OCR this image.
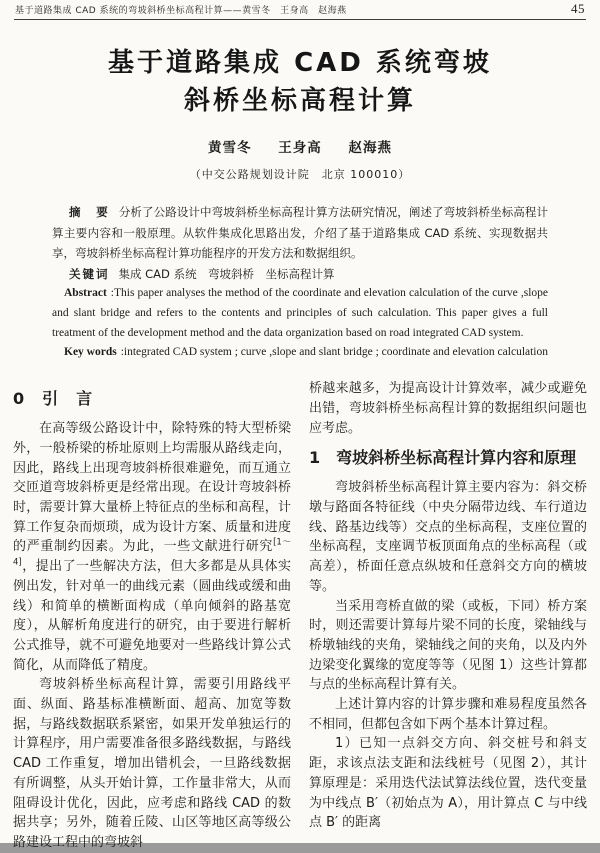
基于道路集成 CAD 系统的弯坡斜桥坐标高程计算——黄雪冬　王身高　赵海燕	45
基于道路集成 CAD 系统弯坡
斜桥坐标高程计算
黄雪冬 王身高 赵海燕
（中交公路规划设计院　北京 100010）

摘　要 分析了公路设计中弯坡斜桥坐标高程计算方法研究情况，阐述了弯坡斜桥坐标高程计算主要内容和一般原理。从软件集成化思路出发，介绍了基于道路集成 CAD 系统、实现数据共享，弯坡斜桥坐标高程计算功能程序的开发方法和数据组织。

关键词 集成 CAD 系统　弯坡斜桥　坐标高程计算

Abstract :This paper analyses the method of the coordinate and elevation calculation of the curve ,slope and slant bridge and refers to the contents and principles of such calculation. This paper gives a full treatment of the development method and the data organization based on road integrated CAD system.

Key words :integrated CAD system ; curve ,slope and slant bridge ; coordinate and elevation calculation

0　引　言

在高等级公路设计中，除特殊的特大型桥梁外，一般桥梁的桥址原则上均需服从路线走向，因此，路线上出现弯坡斜桥很难避免，而互通立交匝道弯坡斜桥更是经常出现。在设计弯坡斜桥时，需要计算大量桥上特征点的坐标和高程，计算工作复杂而烦琐，成为设计方案、质量和进度的严重制约因素。为此，一些文献进行研究[1～4]，提出了一些解决方法，但大多都是从具体实例出发，针对单一的曲线元素（圆曲线或缓和曲线）和简单的横断面构成（单向倾斜的路基宽度），从解析角度进行的研究，由于要进行解析公式推导，就不可避免地要对一些路线计算公式简化，从而降低了精度。

弯坡斜桥坐标高程计算，需要引用路线平面、纵面、路基标准横断面、超高、加宽等数据，与路线数据联系紧密，如果开发单独运行的计算程序，用户需要准备很多路线数据，与路线 CAD 工作重复，增加出错机会，一旦路线数据有所调整，从头开始计算，工作量非常大，从而阻碍设计优化，因此，应考虑和路线 CAD 的数据共享；另外，随着丘陵、山区等地区高等级公路建设工程中的弯坡斜

桥越来越多，为提高设计计算效率，减少或避免出错，弯坡斜桥坐标高程计算的数据组织问题也应考虑。

1　弯坡斜桥坐标高程计算内容和原理

弯坡斜桥坐标高程计算主要内容为：斜交桥墩与路面各特征线（中央分隔带边线、车行道边线、路基边线等）交点的坐标高程，支座位置的坐标高程，支座调节板顶面角点的坐标高程（或高差），桥面任意点纵坡和任意斜交方向的横坡等。

当采用弯桥直做的梁（或板，下同）桥方案时，则还需要计算每片梁不同的长度，梁轴线与桥墩轴线的夹角，梁轴线之间的夹角，以及内外边梁变化翼缘的宽度等等（见图 1）这些计算都与点的坐标高程计算有关。

上述计算内容的计算步骤和难易程度虽然各不相同，但都包含如下两个基本计算过程。

1）已知一点斜交方向、斜交桩号和斜支距，求该点法支距和法线桩号（见图 2），其计算原理是：采用迭代法试算法线位置，迭代变量为中线点 B′（初始点为 A），用计算点 C 与中线点 B′ 的距离
